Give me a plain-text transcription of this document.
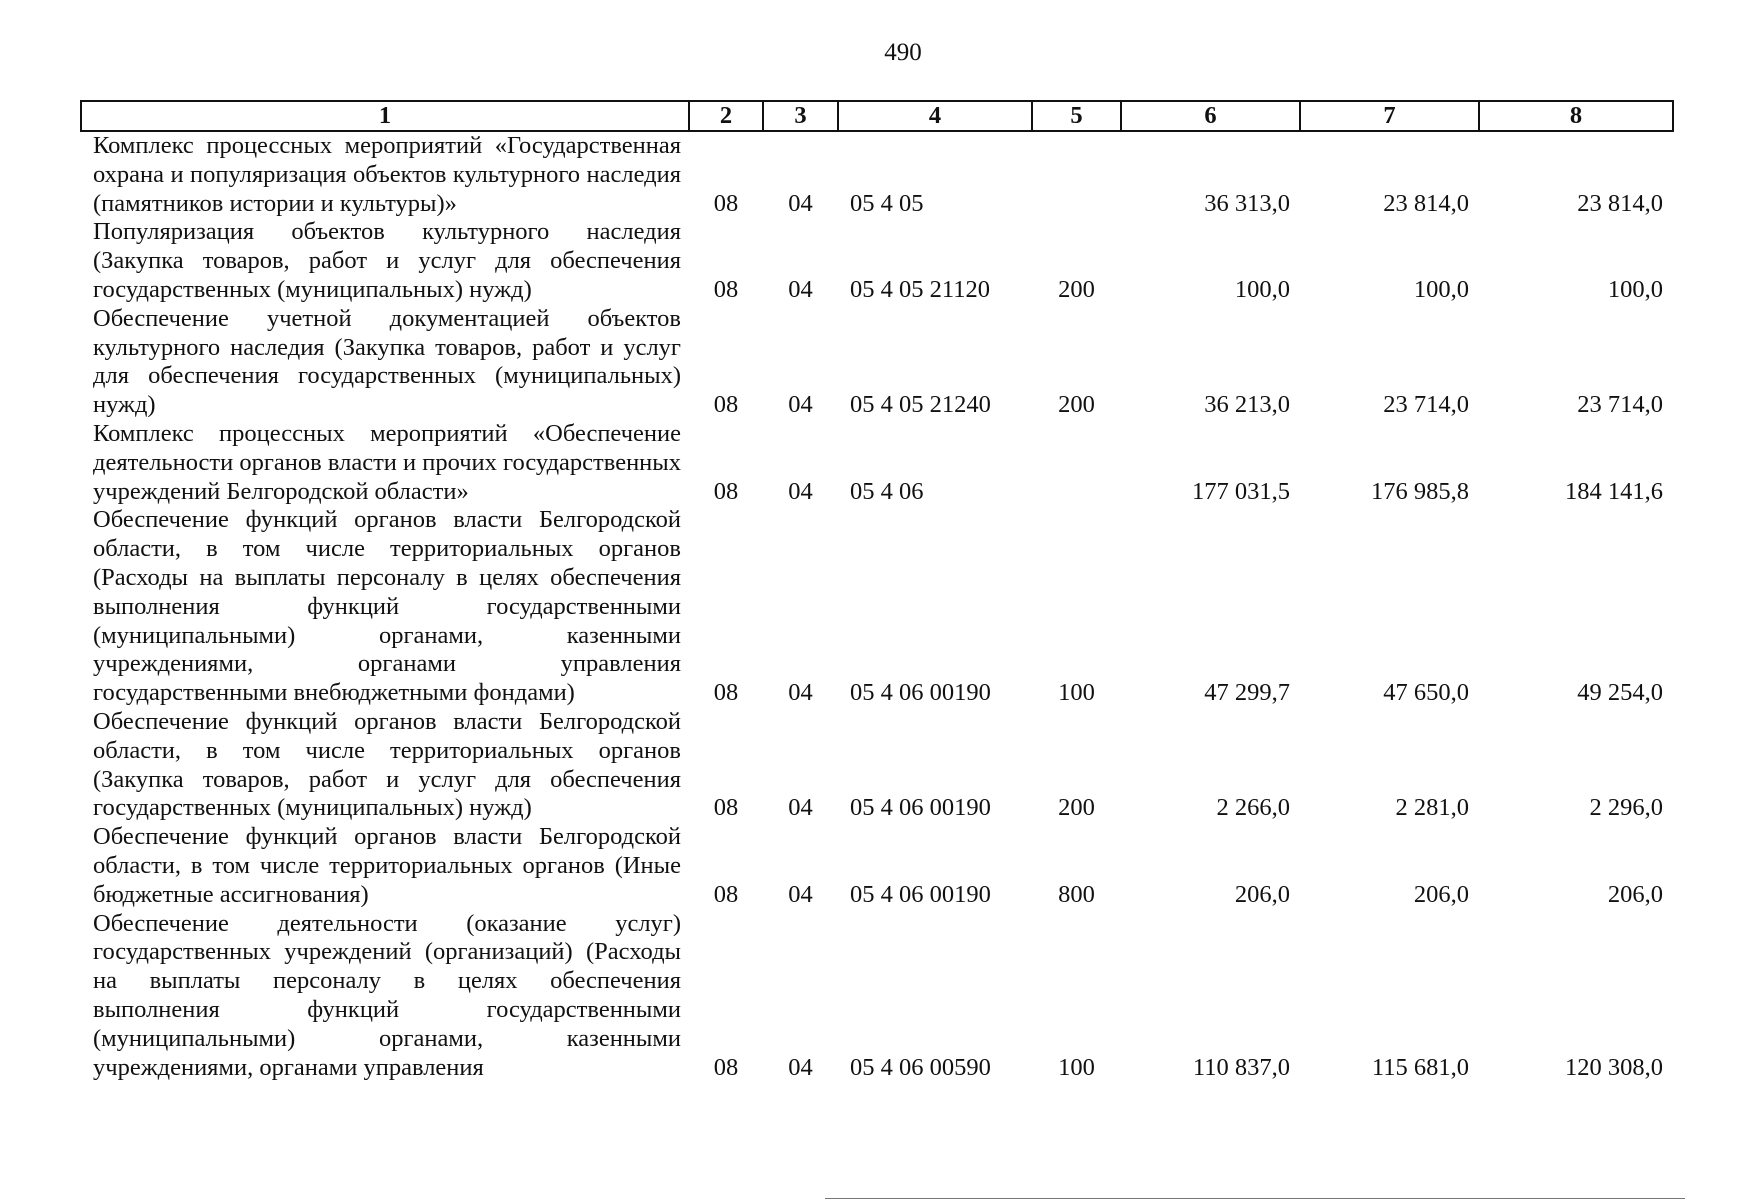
490
1	2	3	4	5	6	7	8
Комплекс процессных мероприятий «Государственная охрана и популяризация объектов культурного наследия (памятников истории и культуры)»	08	04	05 4 05		36 313,0	23 814,0	23 814,0
Популяризация объектов культурного наследия (Закупка товаров, работ и услуг для обеспечения государственных (муниципальных) нужд)	08	04	05 4 05 21120	200	100,0	100,0	100,0
Обеспечение учетной документацией объектов культурного наследия (Закупка товаров, работ и услуг для обеспечения государственных (муниципальных) нужд)	08	04	05 4 05 21240	200	36 213,0	23 714,0	23 714,0
Комплекс процессных мероприятий «Обеспечение деятельности органов власти и прочих государственных учреждений Белгородской области»	08	04	05 4 06		177 031,5	176 985,8	184 141,6
Обеспечение функций органов власти Белгородской области, в том числе территориальных органов (Расходы на выплаты персоналу в целях обеспечения выполнения функций государственными (муниципальными) органами, казенными учреждениями, органами управления государственными внебюджетными фондами)	08	04	05 4 06 00190	100	47 299,7	47 650,0	49 254,0
Обеспечение функций органов власти Белгородской области, в том числе территориальных органов (Закупка товаров, работ и услуг для обеспечения государственных (муниципальных) нужд)	08	04	05 4 06 00190	200	2 266,0	2 281,0	2 296,0
Обеспечение функций органов власти Белгородской области, в том числе территориальных органов (Иные бюджетные ассигнования)	08	04	05 4 06 00190	800	206,0	206,0	206,0
Обеспечение деятельности (оказание услуг) государственных учреждений (организаций) (Расходы на выплаты персоналу в целях обеспечения выполнения функций государственными (муниципальными) органами, казенными учреждениями, органами управления	08	04	05 4 06 00590	100	110 837,0	115 681,0	120 308,0
